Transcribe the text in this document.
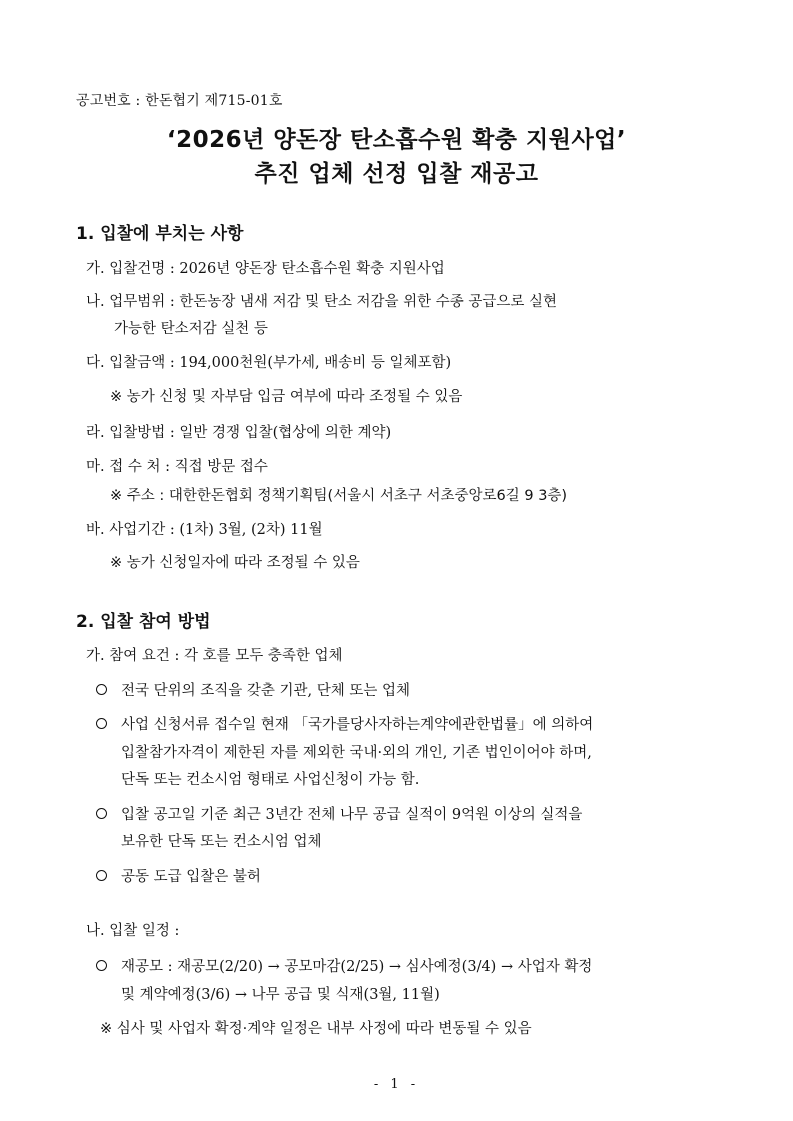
공고번호 : 한돈협기 제715-01호
‘2026년 양돈장 탄소흡수원 확충 지원사업’
추진 업체 선정 입찰 재공고
1. 입찰에 부치는 사항
가. 입찰건명 : 2026년 양돈장 탄소흡수원 확충 지원사업
나. 업무범위 : 한돈농장 냄새 저감 및 탄소 저감을 위한 수종 공급으로 실현
가능한 탄소저감 실천 등
다. 입찰금액 : 194,000천원(부가세, 배송비 등 일체포함)
※ 농가 신청 및 자부담 입금 여부에 따라 조정될 수 있음
라. 입찰방법 : 일반 경쟁 입찰(협상에 의한 계약)
마. 접 수 처 : 직접 방문 접수
※ 주소 : 대한한돈협회 정책기획팀(서울시 서초구 서초중앙로6길 9 3층)
바. 사업기간 : (1차) 3월, (2차) 11월
※ 농가 신청일자에 따라 조정될 수 있음
2. 입찰 참여 방법
가. 참여 요건 : 각 호를 모두 충족한 업체
전국 단위의 조직을 갖춘 기관, 단체 또는 업체
사업 신청서류 접수일 현재 「국가를당사자하는계약에관한법률」에 의하여
입찰참가자격이 제한된 자를 제외한 국내·외의 개인, 기존 법인이어야 하며,
단독 또는 컨소시엄 형태로 사업신청이 가능 함.
입찰 공고일 기준 최근 3년간 전체 나무 공급 실적이 9억원 이상의 실적을
보유한 단독 또는 컨소시엄 업체
공동 도급 입찰은 불허
나. 입찰 일정 :
재공모 : 재공모(2/20) → 공모마감(2/25) → 심사예정(3/4) → 사업자 확정
및 계약예정(3/6) → 나무 공급 및 식재(3월, 11월)
※ 심사 및 사업자 확정·계약 일정은 내부 사정에 따라 변동될 수 있음
- 1 -
